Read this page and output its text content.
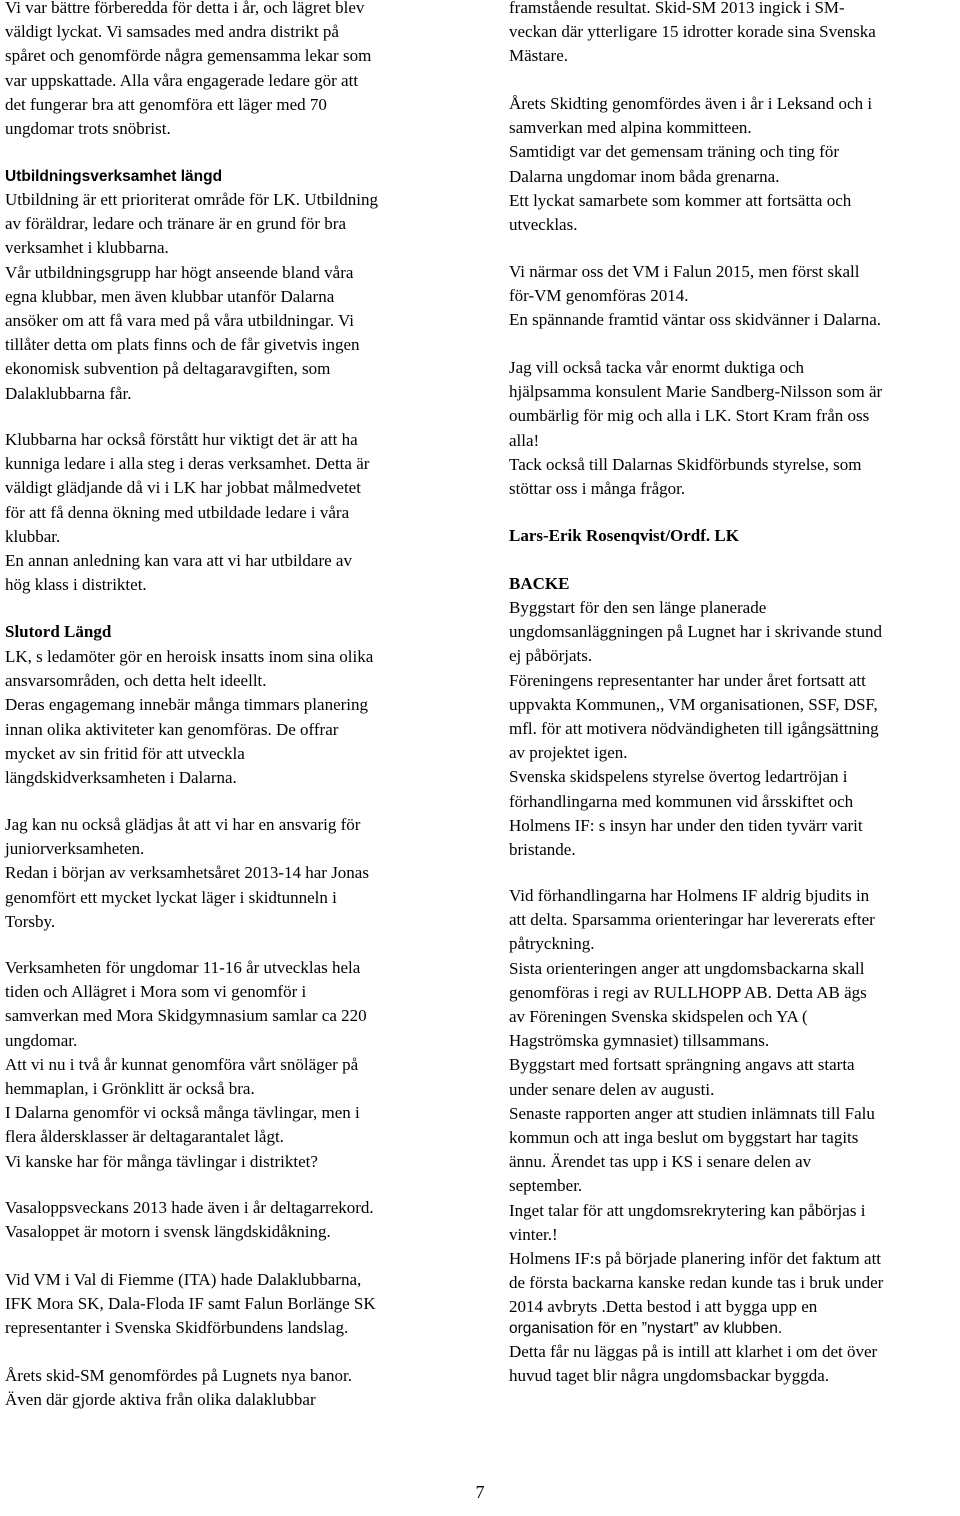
Vi var bättre förberedda för detta i år, och lägret blev
väldigt lyckat. Vi samsades med andra distrikt på
spåret och genomförde några gemensamma lekar som
var uppskattade. Alla våra engagerade ledare gör att
det fungerar bra att genomföra ett läger med 70
ungdomar trots snöbrist.

Utbildningsverksamhet längd

Utbildning är ett prioriterat område för LK. Utbildning
av föräldrar, ledare och tränare är en grund för bra
verksamhet i klubbarna.
Vår utbildningsgrupp har högt anseende bland våra
egna klubbar, men även klubbar utanför Dalarna
ansöker om att få vara med på våra utbildningar. Vi
tillåter detta om plats finns och de får givetvis ingen
ekonomisk subvention på deltagaravgiften, som
Dalaklubbarna får.

Klubbarna har också förstått hur viktigt det är att ha
kunniga ledare i alla steg i deras verksamhet. Detta är
väldigt glädjande då vi i LK har jobbat målmedvetet
för att få denna ökning med utbildade ledare i våra
klubbar.
En annan anledning kan vara att vi har utbildare av
hög klass i distriktet.

Slutord Längd

LK, s ledamöter gör en heroisk insatts inom sina olika
ansvarsområden, och detta helt ideellt.
Deras engagemang innebär många timmars planering
innan olika aktiviteter kan genomföras. De offrar
mycket av sin fritid för att utveckla
längdskidverksamheten i Dalarna.

Jag kan nu också glädjas åt att vi har en ansvarig för
juniorverksamheten.
Redan i början av verksamhetsåret 2013-14 har Jonas
genomfört ett mycket lyckat läger i skidtunneln i
Torsby.

Verksamheten för ungdomar 11-16 år utvecklas hela
tiden och Allägret i Mora som vi genomför i
samverkan med Mora Skidgymnasium samlar ca 220
ungdomar.
Att vi nu i två år kunnat genomföra vårt snöläger på
hemmaplan, i Grönklitt är också bra.
I Dalarna genomför vi också många tävlingar, men i
flera åldersklasser är deltagarantalet lågt.
Vi kanske har för många tävlingar i distriktet?

Vasaloppsveckans 2013 hade även i år deltagarrekord.
Vasaloppet är motorn i svensk längdskidåkning.

Vid VM i Val di Fiemme (ITA) hade Dalaklubbarna,
IFK Mora SK, Dala-Floda IF samt Falun Borlänge SK
representanter i Svenska Skidförbundens landslag.

Årets skid-SM genomfördes på Lugnets nya banor.
Även där gjorde aktiva från olika dalaklubbar

framstående resultat. Skid-SM 2013 ingick i SM-
veckan där ytterligare 15 idrotter korade sina Svenska
Mästare.

Årets Skidting genomfördes även i år i Leksand och i
samverkan med alpina kommitteen.
Samtidigt var det gemensam träning och ting för
Dalarna ungdomar inom båda grenarna.
Ett lyckat samarbete som kommer att fortsätta och
utvecklas.

Vi närmar oss det VM i Falun 2015, men först skall
för-VM genomföras 2014.
En spännande framtid väntar oss skidvänner i Dalarna.

Jag vill också tacka vår enormt duktiga och
hjälpsamma konsulent Marie Sandberg-Nilsson som är
oumbärlig för mig och alla i LK. Stort Kram från oss
alla!
Tack också till Dalarnas Skidförbunds styrelse, som
stöttar oss i många frågor.

Lars-Erik Rosenqvist/Ordf. LK

BACKE

Byggstart för den sen länge planerade
ungdomsanläggningen på Lugnet har i skrivande stund
ej påbörjats.
Föreningens representanter har under året fortsatt att
uppvakta Kommunen,, VM organisationen, SSF, DSF,
mfl. för att motivera nödvändigheten till igångsättning
av projektet igen.
Svenska skidspelens styrelse övertog ledartröjan i
förhandlingarna med kommunen vid årsskiftet och
Holmens IF: s insyn har under den tiden tyvärr varit
bristande.

Vid förhandlingarna har Holmens IF aldrig bjudits in
att delta. Sparsamma orienteringar har levererats efter
påtryckning.
Sista orienteringen anger att ungdomsbackarna skall
genomföras i regi av RULLHOPP AB. Detta AB ägs
av Föreningen Svenska skidspelen och YA (
Hagströmska gymnasiet) tillsammans.
Byggstart med fortsatt sprängning angavs att starta
under senare delen av augusti.
Senaste rapporten anger att studien inlämnats till Falu
kommun och att inga beslut om byggstart har tagits
ännu. Ärendet tas upp i KS i senare delen av
september.
Inget talar för att ungdomsrekrytering kan påbörjas i
vinter.!
Holmens IF:s på började planering inför det faktum att
de första backarna kanske redan kunde tas i bruk under
2014 avbryts .Detta bestod i att bygga upp en

organisation för en ”nystart” av klubben.

Detta får nu läggas på is intill att klarhet i om det över
huvud taget blir några ungdomsbackar byggda.

7
